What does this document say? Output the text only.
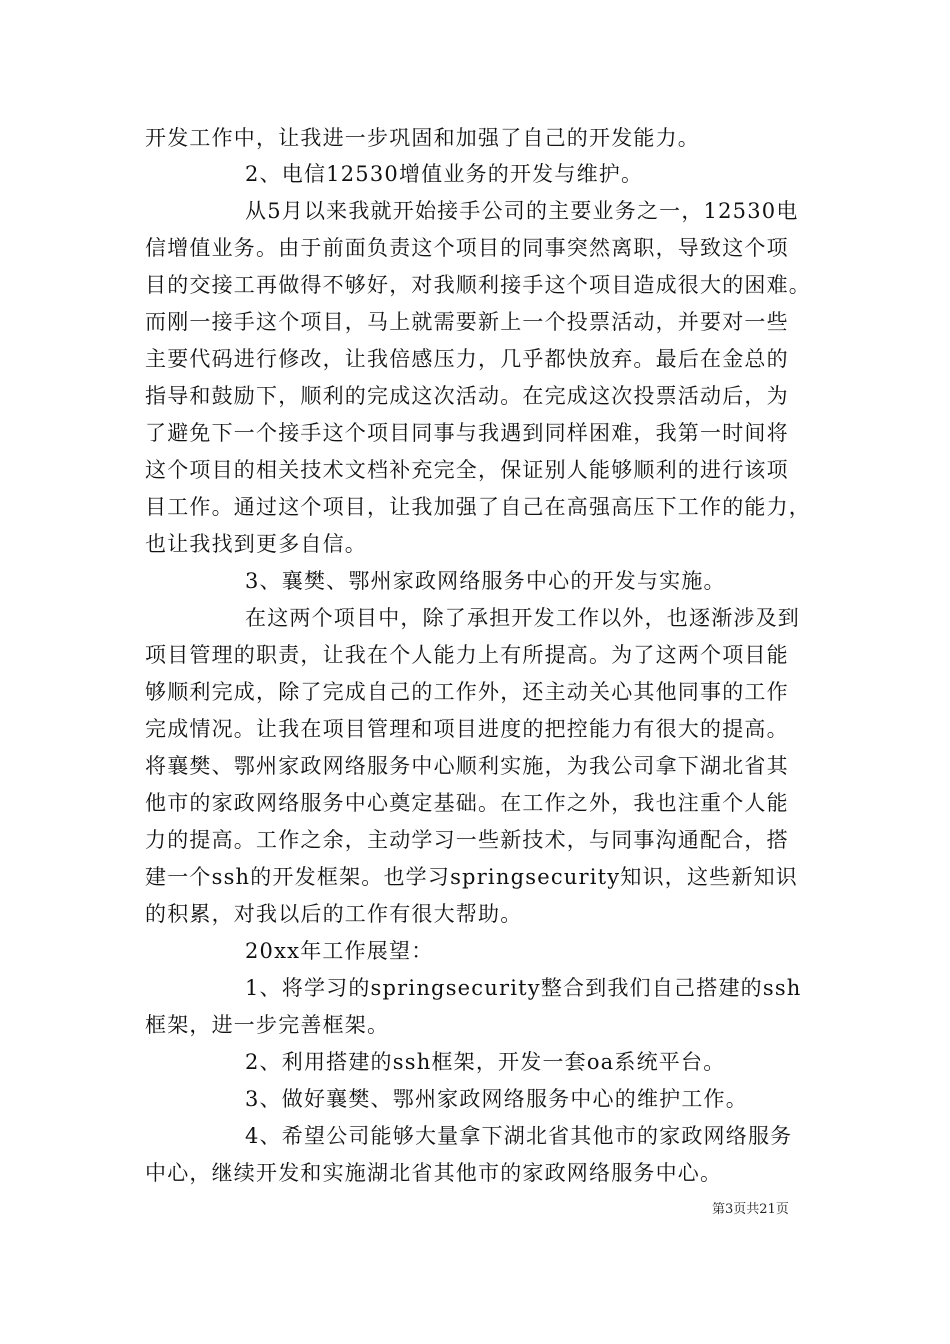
开发工作中，让我进一步巩固和加强了自己的开发能力。
2、电信12530增值业务的开发与维护。
从5月以来我就开始接手公司的主要业务之一，12530电
信增值业务。由于前面负责这个项目的同事突然离职，导致这个项
目的交接工再做得不够好，对我顺利接手这个项目造成很大的困难。
而刚一接手这个项目，马上就需要新上一个投票活动，并要对一些
主要代码进行修改，让我倍感压力，几乎都快放弃。最后在金总的
指导和鼓励下，顺利的完成这次活动。在完成这次投票活动后，为
了避免下一个接手这个项目同事与我遇到同样困难，我第一时间将
这个项目的相关技术文档补充完全，保证别人能够顺利的进行该项
目工作。通过这个项目，让我加强了自己在高强高压下工作的能力，
也让我找到更多自信。
3、襄樊、鄂州家政网络服务中心的开发与实施。
在这两个项目中，除了承担开发工作以外，也逐渐涉及到
项目管理的职责，让我在个人能力上有所提高。为了这两个项目能
够顺利完成，除了完成自己的工作外，还主动关心其他同事的工作
完成情况。让我在项目管理和项目进度的把控能力有很大的提高。
将襄樊、鄂州家政网络服务中心顺利实施，为我公司拿下湖北省其
他市的家政网络服务中心奠定基础。在工作之外，我也注重个人能
力的提高。工作之余，主动学习一些新技术，与同事沟通配合，搭
建一个ssh的开发框架。也学习springsecurity知识，这些新知识
的积累，对我以后的工作有很大帮助。
20xx年工作展望：
1、将学习的springsecurity整合到我们自己搭建的ssh
框架，进一步完善框架。
2、利用搭建的ssh框架，开发一套oa系统平台。
3、做好襄樊、鄂州家政网络服务中心的维护工作。
4、希望公司能够大量拿下湖北省其他市的家政网络服务
中心，继续开发和实施湖北省其他市的家政网络服务中心。
第3页共21页
